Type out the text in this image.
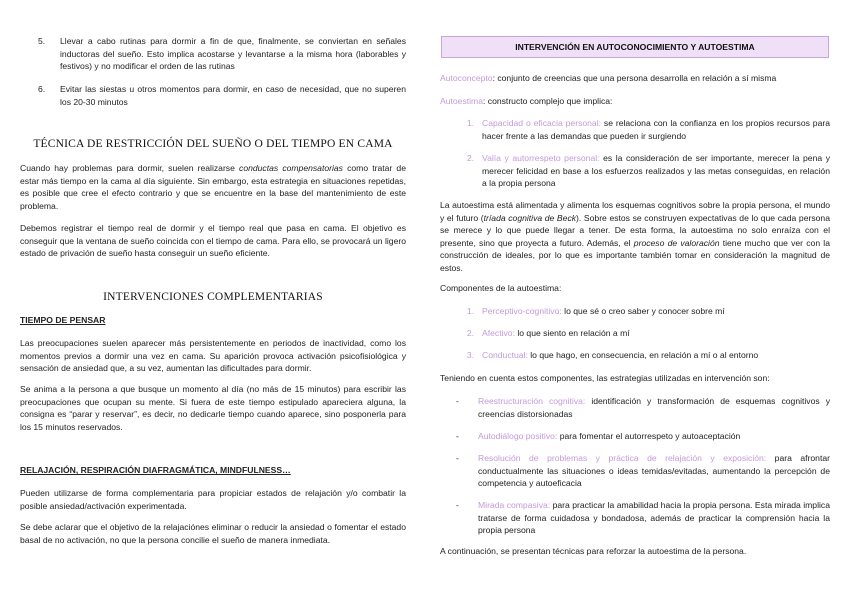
5.	Llevar a cabo rutinas para dormir a fin de que, finalmente, se conviertan en señales inductoras del sueño. Esto implica acostarse y levantarse a la misma hora (laborables y festivos) y no modificar el orden de las rutinas
6.	Evitar las siestas u otros momentos para dormir, en caso de necesidad, que no superen los 20-30 minutos
TÉCNICA DE RESTRICCIÓN DEL SUEÑO O DEL TIEMPO EN CAMA

Cuando hay problemas para dormir, suelen realizarse conductas compensatorias como tratar de estar más tiempo en la cama al día siguiente. Sin embargo, esta estrategia en situaciones repetidas, es posible que cree el efecto contrario y que se encuentre en la base del mantenimiento de este problema.

Debemos registrar el tiempo real de dormir y el tiempo real que pasa en cama. El objetivo es conseguir que la ventana de sueño coincida con el tiempo de cama. Para ello, se provocará un ligero estado de privación de sueño hasta conseguir un sueño eficiente.

INTERVENCIONES COMPLEMENTARIAS
TIEMPO DE PENSAR

Las preocupaciones suelen aparecer más persistentemente en periodos de inactividad, como los momentos previos a dormir una vez en cama. Su aparición provoca activación psicofisiológica y sensación de ansiedad que, a su vez, aumentan las dificultades para dormir.

Se anima a la persona a que busque un momento al día (no más de 15 minutos) para escribir las preocupaciones que ocupan su mente. Si fuera de este tiempo estipulado apareciera alguna, la consigna es “parar y reservar”, es decir, no dedicarle tiempo cuando aparece, sino posponerla para los 15 minutos reservados.

RELAJACIÓN, RESPIRACIÓN DIAFRAGMÁTICA, MINDFULNESS…

Pueden utilizarse de forma complementaria para propiciar estados de relajación y/o combatir la posible ansiedad/activación experimentada.

Se debe aclarar que el objetivo de la relajaciónes eliminar o reducir la ansiedad o fomentar el estado basal de no activación, no que la persona concilie el sueño de manera inmediata.

INTERVENCIÓN EN AUTOCONOCIMIENTO Y AUTOESTIMA

Autoconcepto: conjunto de creencias que una persona desarrolla en relación a sí misma

Autoestima: constructo complejo que implica:

1. Capacidad o eficacia personal: se relaciona con la confianza en los propios recursos para hacer frente a las demandas que pueden ir surgiendo
2. Valía y autorrespeto personal: es la consideración de ser importante, merecer la pena y merecer felicidad en base a los esfuerzos realizados y las metas conseguidas, en relación a la propia persona

La autoestima está alimentada y alimenta los esquemas cognitivos sobre la propia persona, el mundo y el futuro (tríada cognitiva de Beck). Sobre estos se construyen expectativas de lo que cada persona se merece y lo que puede llegar a tener. De esta forma, la autoestima no solo enraíza con el presente, sino que proyecta a futuro. Además, el proceso de valoración tiene mucho que ver con la construcción de ideales, por lo que es importante también tomar en consideración la magnitud de estos.

Componentes de la autoestima:

1. Perceptivo-cognitivo: lo que sé o creo saber y conocer sobre mí
2. Afectivo: lo que siento en relación a mí
3. Conductual: lo que hago, en consecuencia, en relación a mí o al entorno

Teniendo en cuenta estos componentes, las estrategias utilizadas en intervención son:

-	Reestructuración cognitiva: identificación y transformación de esquemas cognitivos y creencias distorsionadas
-	Autodiálogo positivo: para fomentar el autorrespeto y autoaceptación
-	Resolución de problemas y práctica de relajación y exposición: para afrontar conductualmente las situaciones o ideas temidas/evitadas, aumentando la percepción de competencia y autoeficacia
-	Mirada compasiva: para practicar la amabilidad hacia la propia persona. Esta mirada implica tratarse de forma cuidadosa y bondadosa, además de practicar la comprensión hacia la propia persona

A continuación, se presentan técnicas para reforzar la autoestima de la persona.
